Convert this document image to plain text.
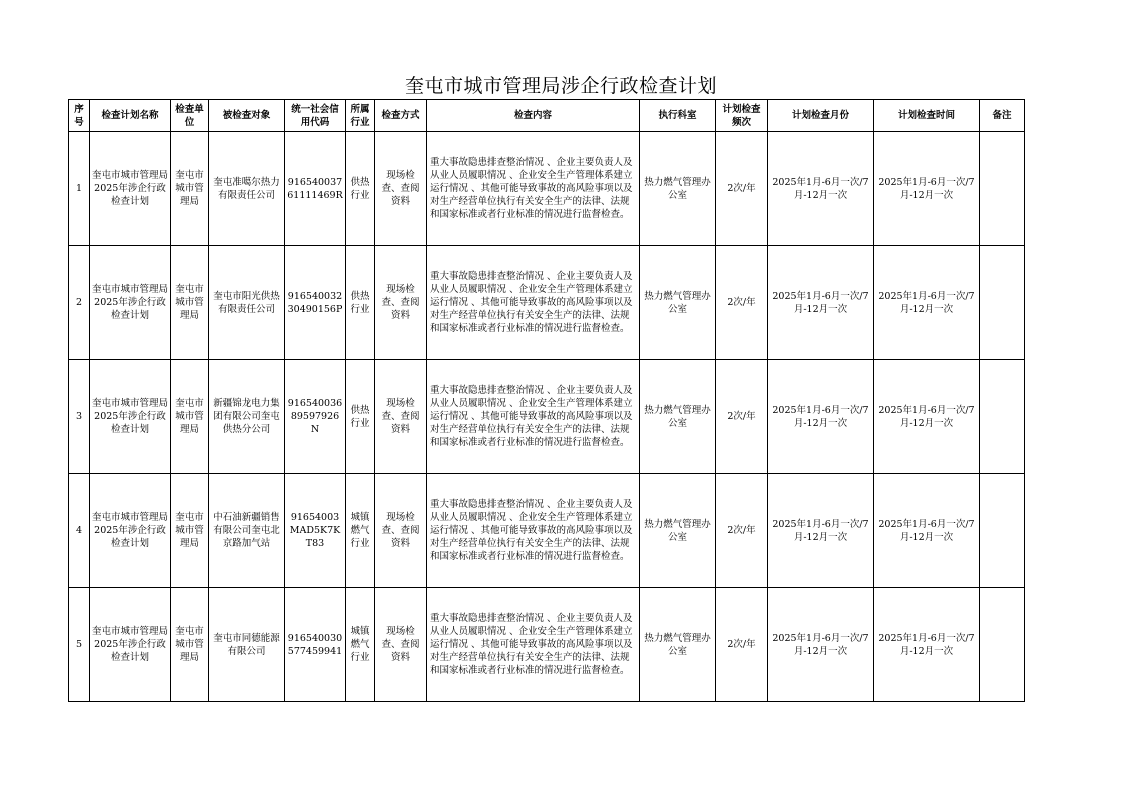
奎屯市城市管理局涉企行政检查计划
序号	检查计划名称	检查单位	被检查对象	统一社会信用代码	所属行业	检查方式	检查内容	执行科室	计划检查频次	计划检查月份	计划检查时间	备注
1	奎屯市城市管理局2025年涉企行政检查计划	奎屯市城市管理局	奎屯准噶尔热力有限责任公司	91654003761111469R	供热行业	现场检查、查阅资料	重大事故隐患排查整治情况 、企业主要负责人及从业人员履职情况 、企业安全生产管理体系建立运行情况 、其他可能导致事故的高风险事项以及对生产经营单位执行有关安全生产的法律、法规和国家标准或者行业标准的情况进行监督检查。	热力燃气管理办公室	2次/年	2025年1月-6月一次/7月-12月一次	2025年1月-6月一次/7月-12月一次	
2	奎屯市城市管理局2025年涉企行政检查计划	奎屯市城市管理局	奎屯市阳光供热有限责任公司	91654003230490156P	供热行业	现场检查、查阅资料	重大事故隐患排查整治情况 、企业主要负责人及从业人员履职情况 、企业安全生产管理体系建立运行情况 、其他可能导致事故的高风险事项以及对生产经营单位执行有关安全生产的法律、法规和国家标准或者行业标准的情况进行监督检查。	热力燃气管理办公室	2次/年	2025年1月-6月一次/7月-12月一次	2025年1月-6月一次/7月-12月一次	
3	奎屯市城市管理局2025年涉企行政检查计划	奎屯市城市管理局	新疆锦龙电力集团有限公司奎屯供热分公司	91654003689597926N	供热行业	现场检查、查阅资料	重大事故隐患排查整治情况 、企业主要负责人及从业人员履职情况 、企业安全生产管理体系建立运行情况 、其他可能导致事故的高风险事项以及对生产经营单位执行有关安全生产的法律、法规和国家标准或者行业标准的情况进行监督检查。	热力燃气管理办公室	2次/年	2025年1月-6月一次/7月-12月一次	2025年1月-6月一次/7月-12月一次	
4	奎屯市城市管理局2025年涉企行政检查计划	奎屯市城市管理局	中石油新疆销售有限公司奎屯北京路加气站	91654003MAD5K7KT83	城镇燃气行业	现场检查、查阅资料	重大事故隐患排查整治情况 、企业主要负责人及从业人员履职情况 、企业安全生产管理体系建立运行情况 、其他可能导致事故的高风险事项以及对生产经营单位执行有关安全生产的法律、法规和国家标准或者行业标准的情况进行监督检查。	热力燃气管理办公室	2次/年	2025年1月-6月一次/7月-12月一次	2025年1月-6月一次/7月-12月一次	
5	奎屯市城市管理局2025年涉企行政检查计划	奎屯市城市管理局	奎屯市同德能源有限公司	916540030577459941	城镇燃气行业	现场检查、查阅资料	重大事故隐患排查整治情况 、企业主要负责人及从业人员履职情况 、企业安全生产管理体系建立运行情况 、其他可能导致事故的高风险事项以及对生产经营单位执行有关安全生产的法律、法规和国家标准或者行业标准的情况进行监督检查。	热力燃气管理办公室	2次/年	2025年1月-6月一次/7月-12月一次	2025年1月-6月一次/7月-12月一次	
